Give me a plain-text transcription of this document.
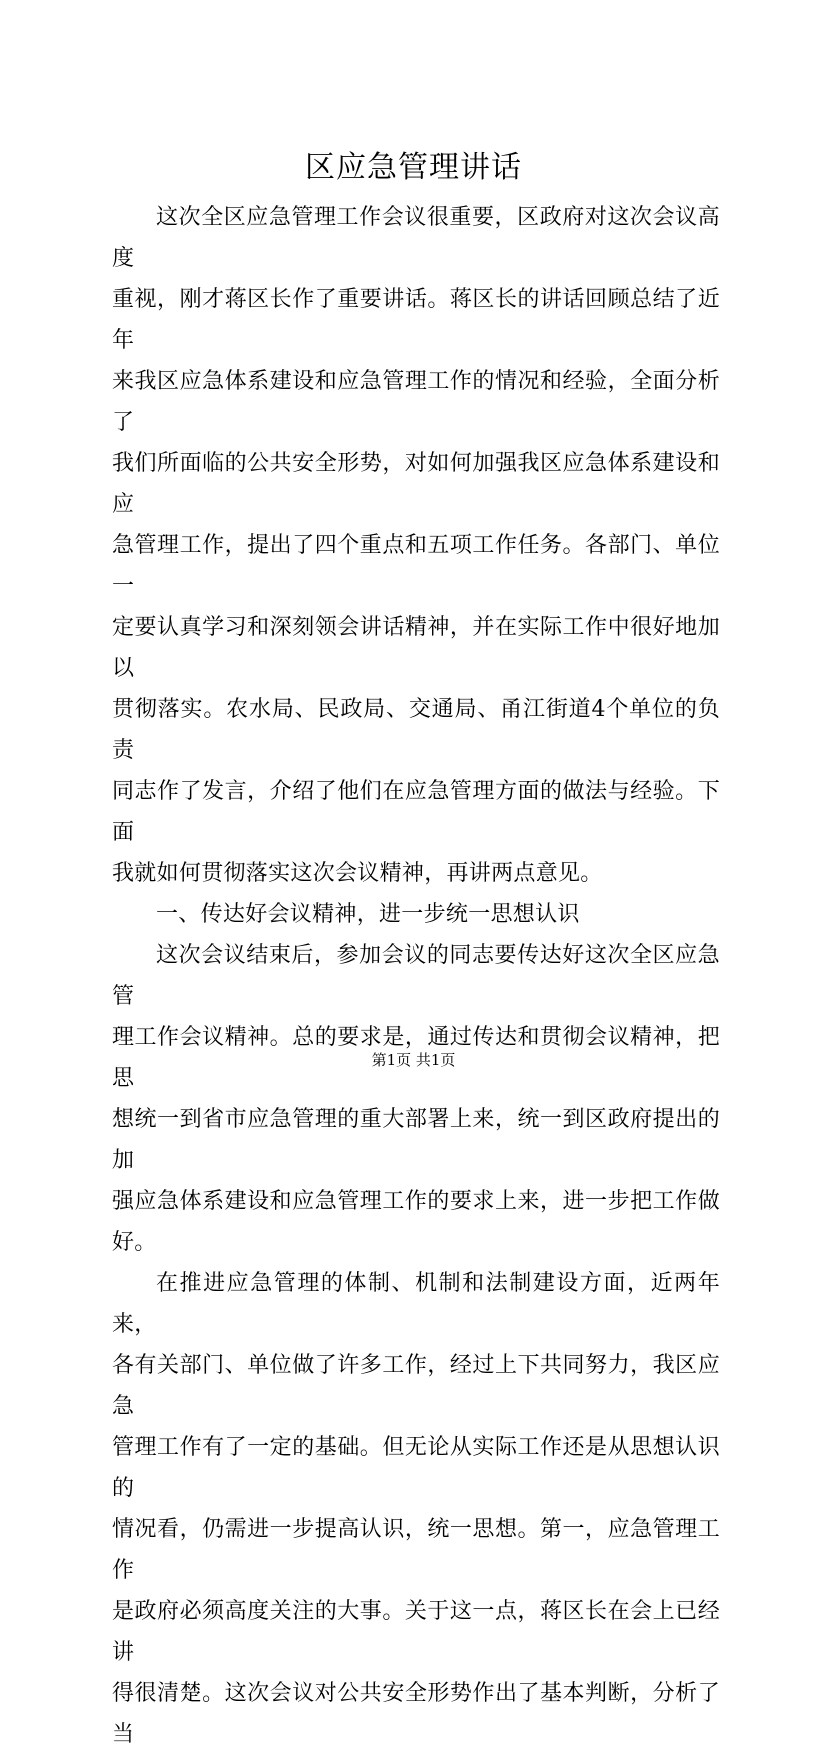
区应急管理讲话

这次全区应急管理工作会议很重要，区政府对这次会议高度
重视，刚才蒋区长作了重要讲话。蒋区长的讲话回顾总结了近年
来我区应急体系建设和应急管理工作的情况和经验，全面分析了
我们所面临的公共安全形势，对如何加强我区应急体系建设和应
急管理工作，提出了四个重点和五项工作任务。各部门、单位一
定要认真学习和深刻领会讲话精神，并在实际工作中很好地加以
贯彻落实。农水局、民政局、交通局、甬江街道4个单位的负责
同志作了发言，介绍了他们在应急管理方面的做法与经验。下面
我就如何贯彻落实这次会议精神，再讲两点意见。

一、传达好会议精神，进一步统一思想认识

这次会议结束后，参加会议的同志要传达好这次全区应急管
理工作会议精神。总的要求是，通过传达和贯彻会议精神，把思
想统一到省市应急管理的重大部署上来，统一到区政府提出的加
强应急体系建设和应急管理工作的要求上来，进一步把工作做好。

在推进应急管理的体制、机制和法制建设方面，近两年来，
各有关部门、单位做了许多工作，经过上下共同努力，我区应急
管理工作有了一定的基础。但无论从实际工作还是从思想认识的
情况看，仍需进一步提高认识，统一思想。第一，应急管理工作
是政府必须高度关注的大事。关于这一点，蒋区长在会上已经讲
得很清楚。这次会议对公共安全形势作出了基本判断，分析了当

第1页 共1页
